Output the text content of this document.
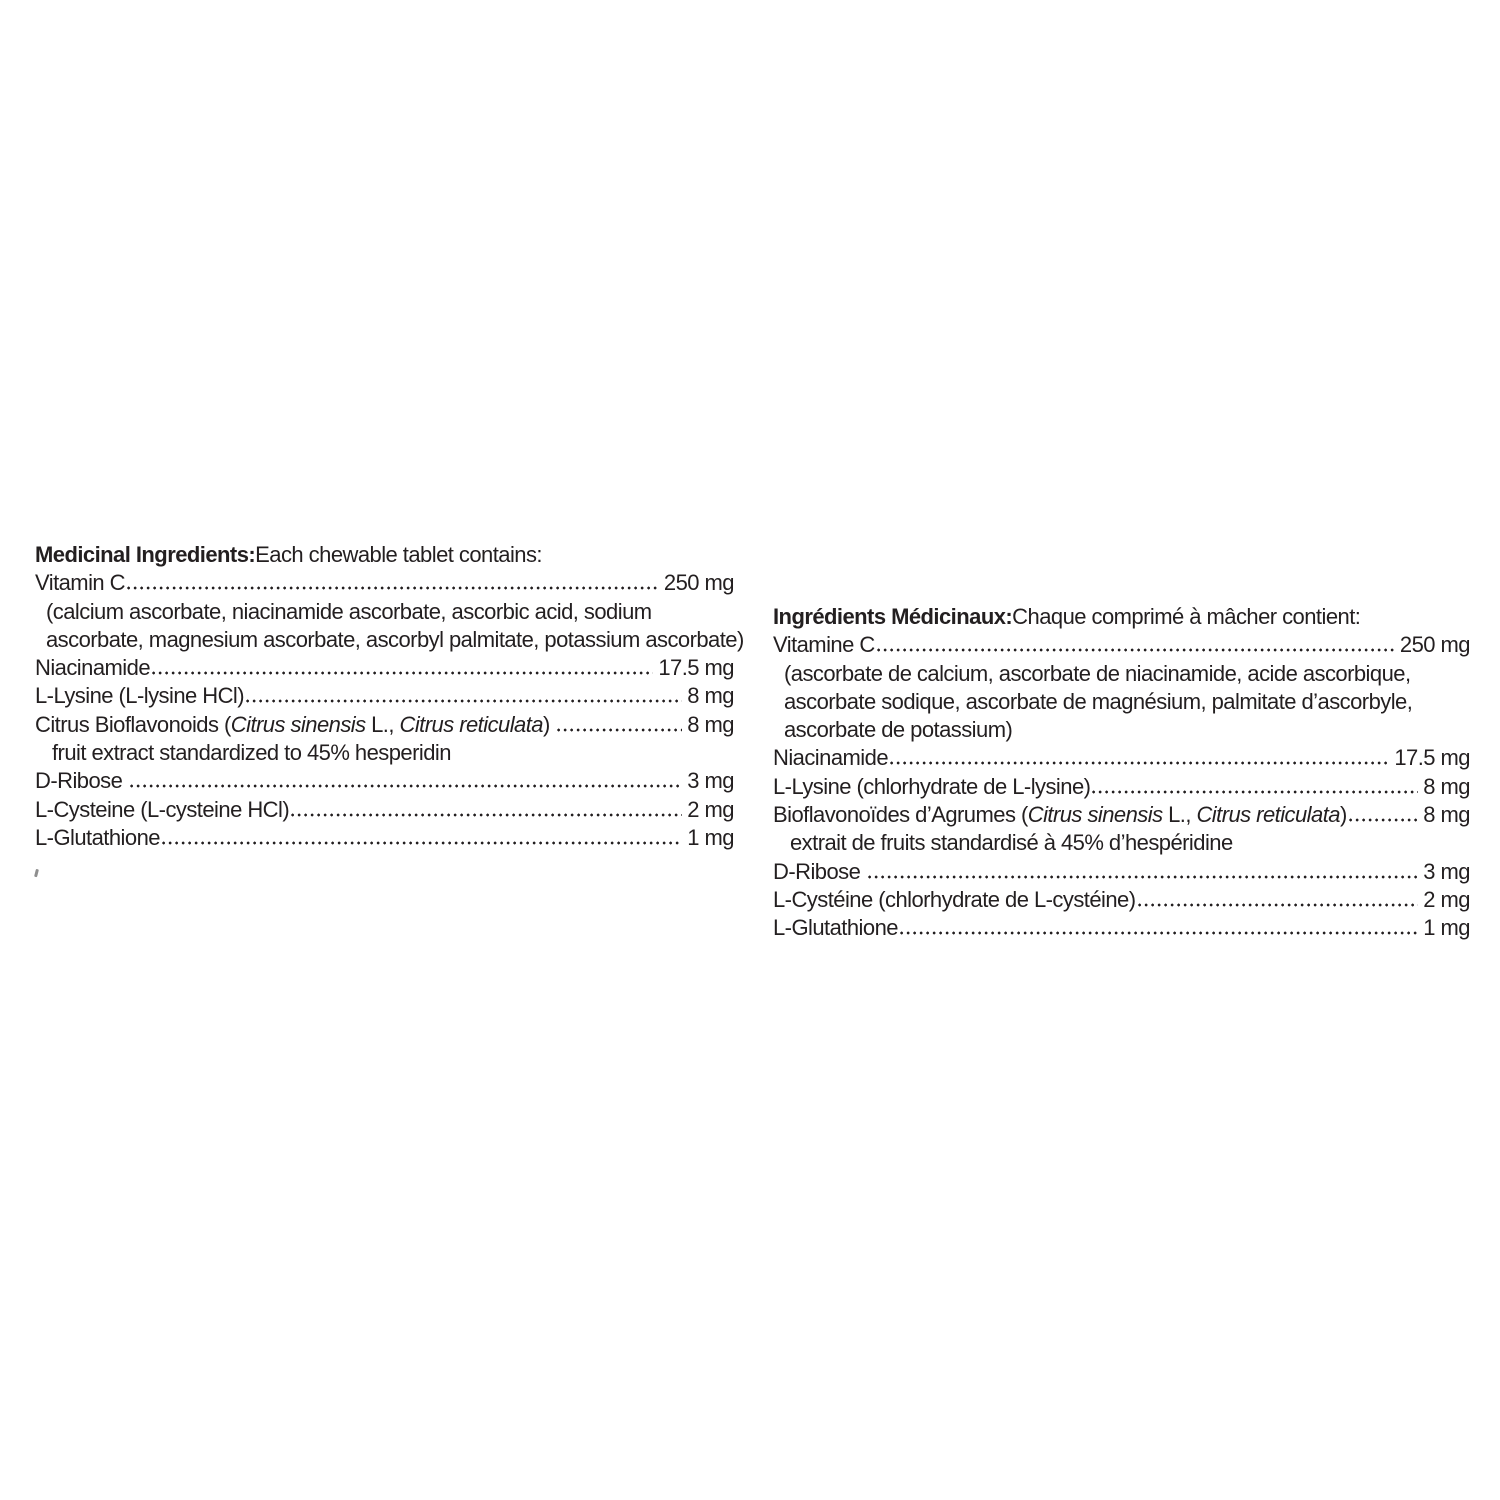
Medicinal Ingredients: Each chewable tablet contains:
Vitamin C	250 mg
(calcium ascorbate, niacinamide ascorbate, ascorbic acid, sodium
ascorbate, magnesium ascorbate, ascorbyl palmitate, potassium ascorbate)
Niacinamide	17.5 mg
L-Lysine (L-lysine HCl)	8 mg
Citrus Bioflavonoids (Citrus sinensis L., Citrus reticulata)	8 mg
fruit extract standardized to 45% hesperidin
D-Ribose	3 mg
L-Cysteine (L-cysteine HCl)	2 mg
L-Glutathione	1 mg
Ingrédients Médicinaux: Chaque comprimé à mâcher contient:
Vitamine C	250 mg
(ascorbate de calcium, ascorbate de niacinamide, acide ascorbique,
ascorbate sodique, ascorbate de magnésium, palmitate d’ascorbyle,
ascorbate de potassium)
Niacinamide	17.5 mg
L-Lysine (chlorhydrate de L-lysine)	8 mg
Bioflavonoïdes d’Agrumes (Citrus sinensis L., Citrus reticulata)	8 mg
extrait de fruits standardisé à 45% d’hespéridine
D-Ribose	3 mg
L-Cystéine (chlorhydrate de L-cystéine)	2 mg
L-Glutathione	1 mg
